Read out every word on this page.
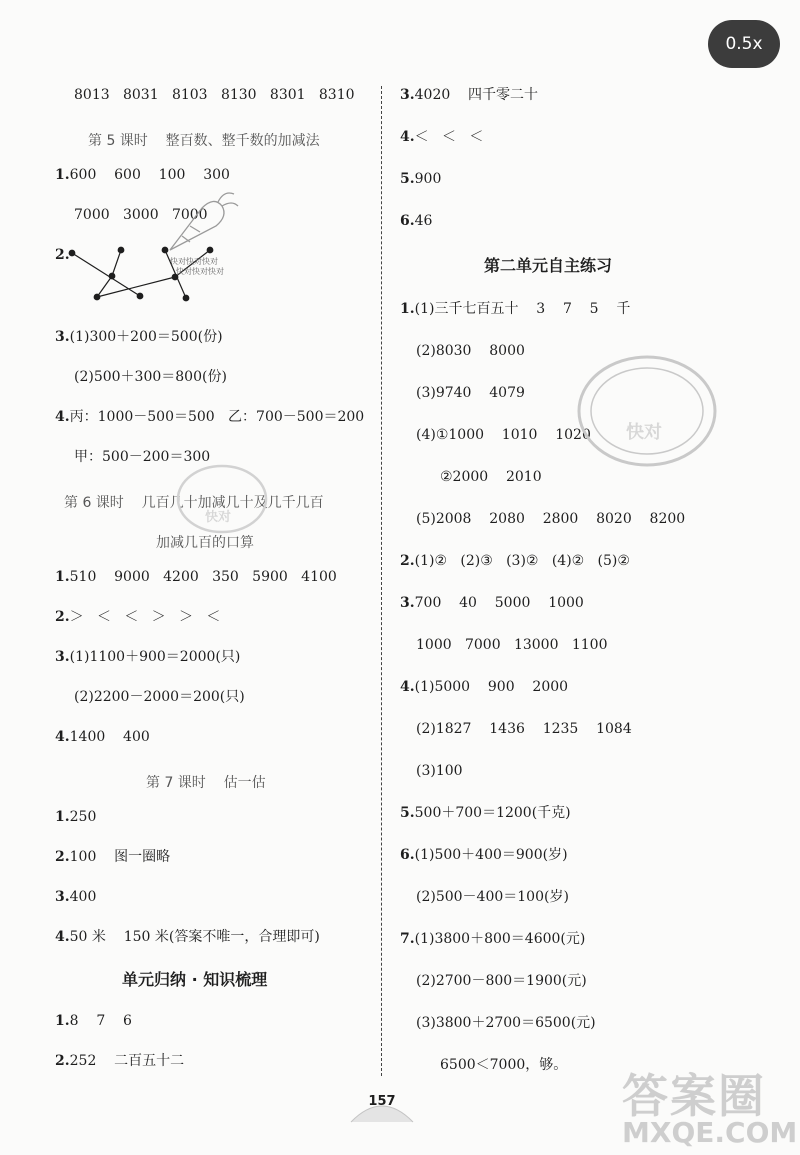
0.5x
8013   8031   8103   8130   8301   8310
第 5 课时    整百数、整千数的加减法
1.600    600    100    300
7000   3000   7000
2.	快对快对快对
快对快对快对
3.(1)300＋200＝500(份)
(2)500＋300＝800(份)
4.丙：1000－500＝500   乙：700－500＝200
甲：500－200＝300
第 6 课时    几百几十加减几十及几千几百
加减几百的口算
1.510    9000   4200   350   5900   4100
2.＞   ＜   ＜   ＞   ＞   ＜
3.(1)1100＋900＝2000(只)
(2)2200－2000＝200(只)
4.1400    400
第 7 课时    估一估
1.250
2.100    图一圈略
3.400
4.50 米    150 米(答案不唯一，合理即可)
单元归纳 · 知识梳理
1.8    7    6
2.252    二百五十二
3.4020    四千零二十
4.＜   ＜   ＜
5.900
6.46
第二单元自主练习
1.(1)三千七百五十    3    7    5    千
(2)8030    8000
(3)9740    4079
(4)①1000    1010    1020
②2000    2010
(5)2008    2080    2800    8020    8200
2.(1)②   (2)③   (3)②   (4)②   (5)②
3.700    40    5000    1000
1000   7000   13000   1100
4.(1)5000    900    2000
(2)1827    1436    1235    1084
(3)100
5.500＋700＝1200(千克)
6.(1)500＋400＝900(岁)
(2)500－400＝100(岁)
7.(1)3800＋800＝4600(元)
(2)2700－800＝1900(元)
(3)3800＋2700＝6500(元)
6500＜7000，够。
快对
快对
157	答案圈
MXQE.COM
